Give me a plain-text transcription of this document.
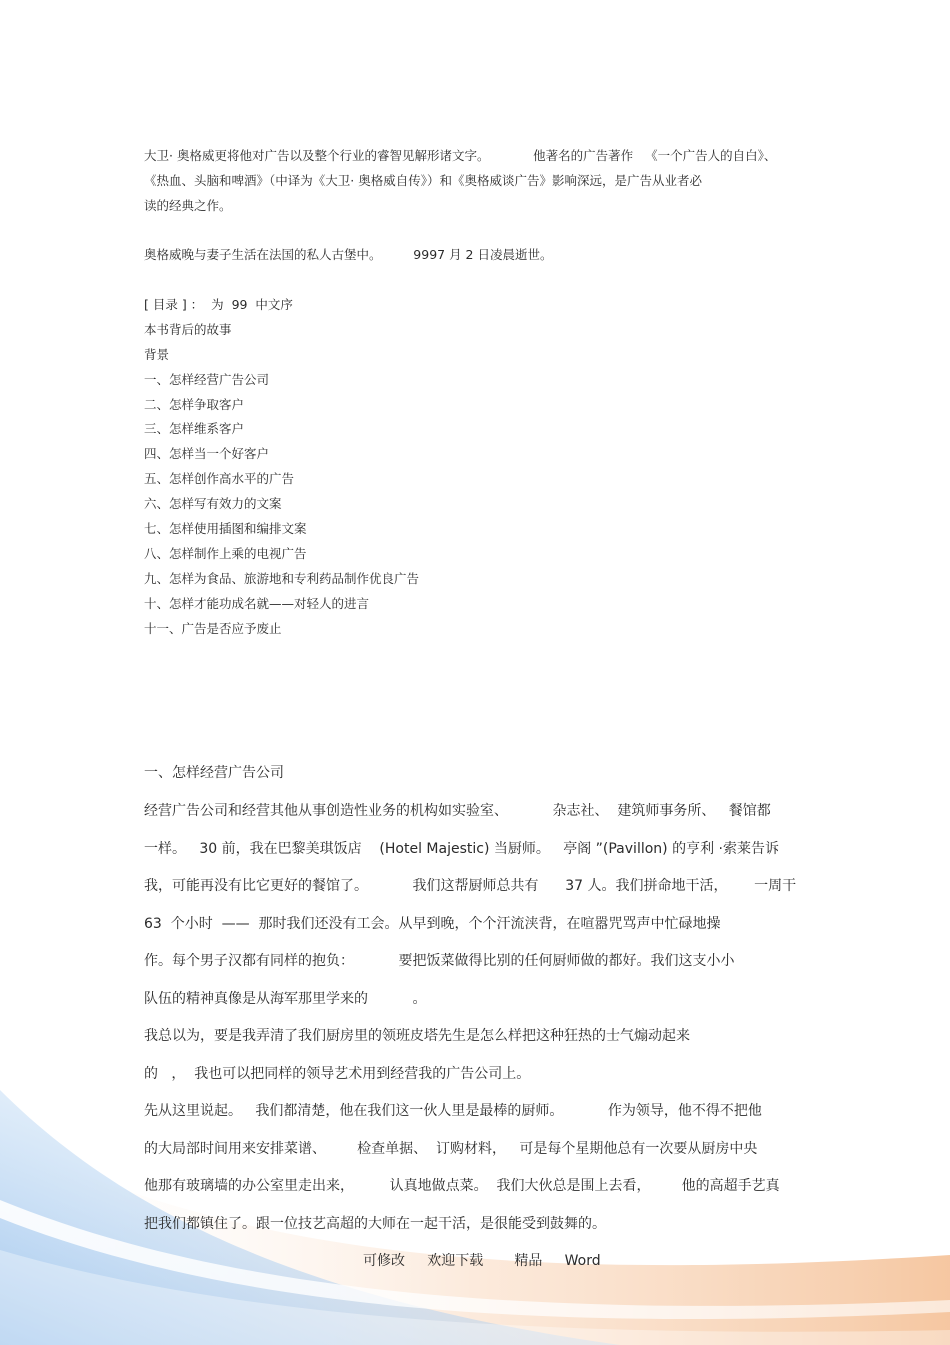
大卫· 奥格威更将他对广告以及整个行业的睿智见解形诸文字。           他著名的广告著作   《一个广告人的自白》、
《热血、头脑和啤酒》（中译为《大卫· 奥格威自传》）和《奥格威谈广告》影响深远，是广告从业者必
读的经典之作。
奥格威晚与妻子生活在法国的私人古堡中。        9997 月 2 日凌晨逝世。
[ 目录 ] ：  为  99  中文序
本书背后的故事
背景
一、怎样经营广告公司
二、怎样争取客户
三、怎样维系客户
四、怎样当一个好客户
五、怎样创作高水平的广告
六、怎样写有效力的文案
七、怎样使用插图和编排文案
八、怎样制作上乘的电视广告
九、怎样为食品、旅游地和专利药品制作优良广告
十、怎样才能功成名就——对轻人的进言
十一、广告是否应予废止
一、怎样经营广告公司
经营广告公司和经营其他从事创造性业务的机构如实验室、          杂志社、  建筑师事务所、   餐馆都
一样。   30 前，我在巴黎美琪饭店    (Hotel Majestic) 当厨师。   亭阁 ”(Pavillon) 的亨利 ·索莱告诉
我，可能再没有比它更好的餐馆了。          我们这帮厨师总共有      37 人。我们拼命地干活，      一周干
63  个小时  ——  那时我们还没有工会。从早到晚，个个汗流浃背，在喧嚣咒骂声中忙碌地操
作。每个男子汉都有同样的抱负：          要把饭菜做得比别的任何厨师做的都好。我们这支小小
队伍的精神真像是从海军那里学来的          。
我总以为，要是我弄清了我们厨房里的领班皮塔先生是怎么样把这种狂热的士气煽动起来
的   ，  我也可以把同样的领导艺术用到经营我的广告公司上。
先从这里说起。   我们都清楚，他在我们这一伙人里是最棒的厨师。          作为领导，他不得不把他
的大局部时间用来安排菜谱、       检查单据、  订购材料，   可是每个星期他总有一次要从厨房中央
他那有玻璃墙的办公室里走出来，        认真地做点菜。  我们大伙总是围上去看，       他的高超手艺真
把我们都镇住了。跟一位技艺高超的大师在一起干活，是很能受到鼓舞的。
可修改     欢迎下载       精品     Word
